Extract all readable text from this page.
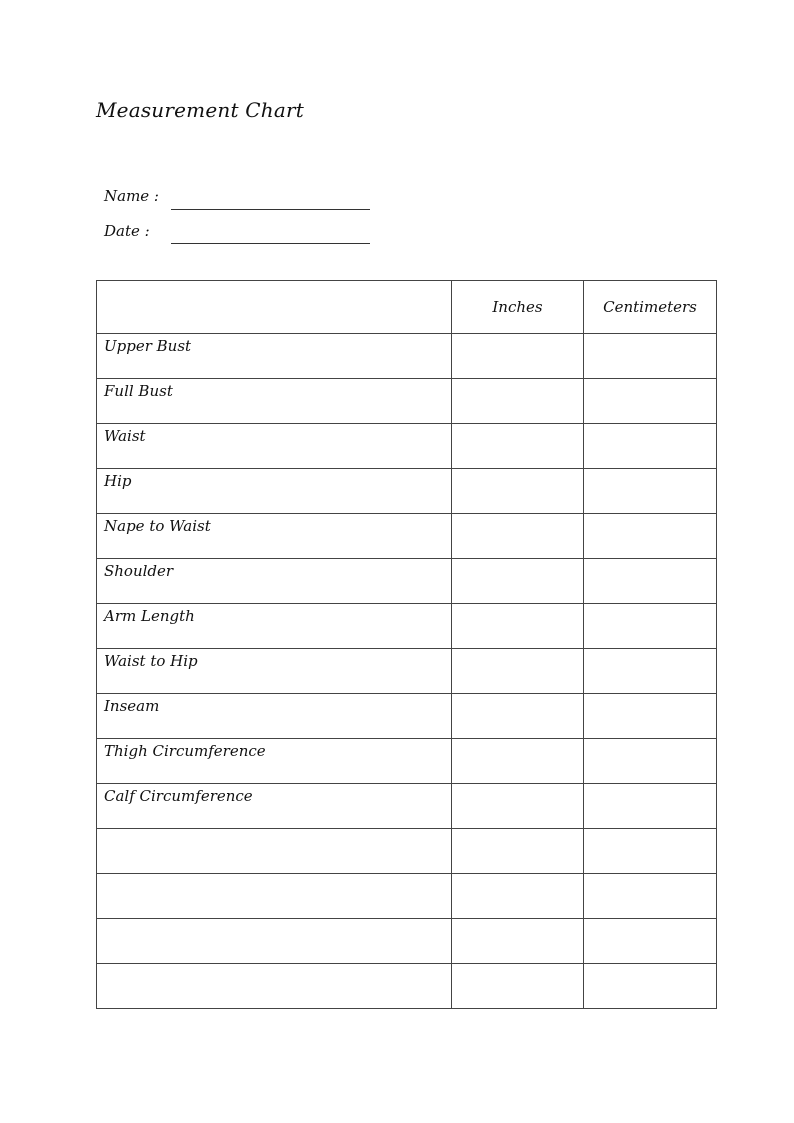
Measurement Chart
Name :
Date :
	Inches	Centimeters
Upper Bust		
Full Bust		
Waist		
Hip		
Nape to Waist		
Shoulder		
Arm Length		
Waist to Hip		
Inseam		
Thigh Circumference		
Calf Circumference		
